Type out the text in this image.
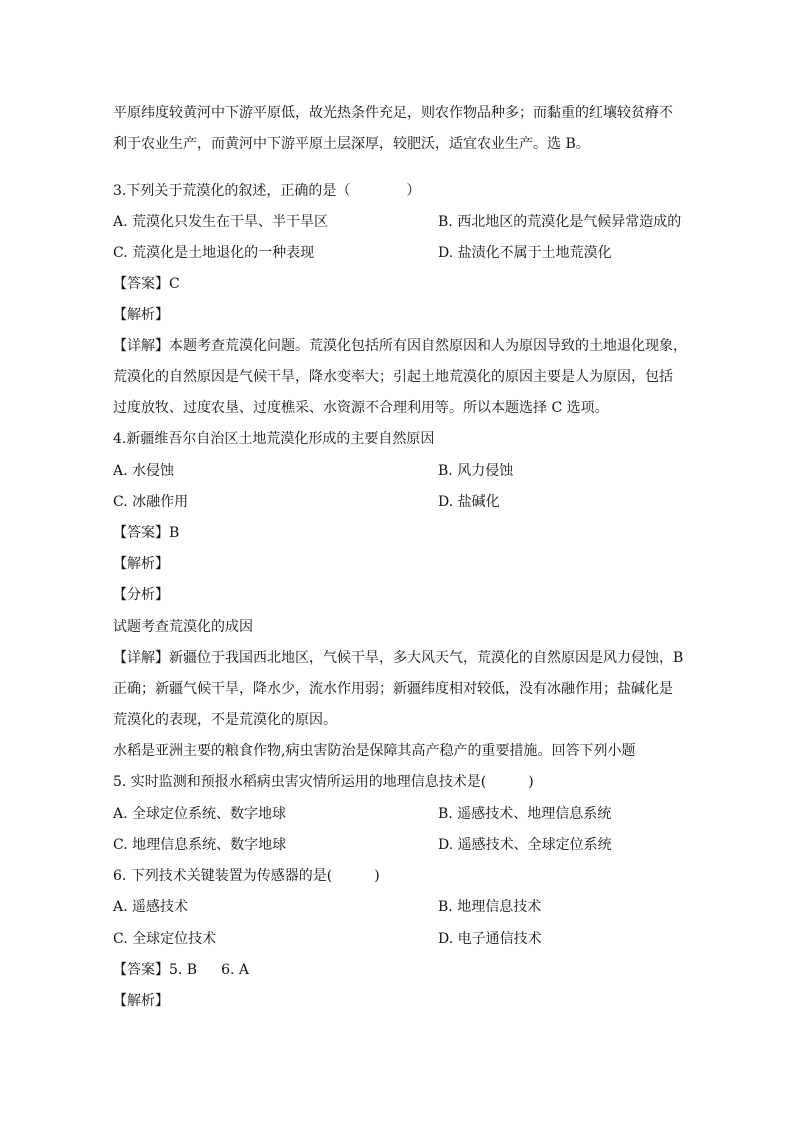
平原纬度较黄河中下游平原低，故光热条件充足，则农作物品种多；而黏重的红壤较贫瘠不
利于农业生产，而黄河中下游平原土层深厚，较肥沃，适宜农业生产。选 B。
3.下列关于荒漠化的叙述，正确的是（　　　　）
A. 荒漠化只发生在干旱、半干旱区	B. 西北地区的荒漠化是气候异常造成的
C. 荒漠化是土地退化的一种表现	D. 盐渍化不属于土地荒漠化
【答案】C
【解析】
【详解】本题考查荒漠化问题。荒漠化包括所有因自然原因和人为原因导致的土地退化现象，
荒漠化的自然原因是气候干旱，降水变率大；引起土地荒漠化的原因主要是人为原因，包括
过度放牧、过度农垦、过度樵采、水资源不合理利用等。所以本题选择 C 选项。
4.新疆维吾尔自治区土地荒漠化形成的主要自然原因
A. 水侵蚀	B. 风力侵蚀
C. 冰融作用	D. 盐碱化
【答案】B
【解析】
【分析】
试题考查荒漠化的成因
【详解】新疆位于我国西北地区，气候干旱，多大风天气，荒漠化的自然原因是风力侵蚀，B
正确；新疆气候干旱，降水少，流水作用弱；新疆纬度相对较低，没有冰融作用；盐碱化是
荒漠化的表现，不是荒漠化的原因。
水稻是亚洲主要的粮食作物,病虫害防治是保障其高产稳产的重要措施。回答下列小题
5. 实时监测和预报水稻病虫害灾情所运用的地理信息技术是(　　　)
A. 全球定位系统、数字地球	B. 遥感技术、地理信息系统
C. 地理信息系统、数字地球	D. 遥感技术、全球定位系统
6. 下列技术关键装置为传感器的是(　　　)
A. 遥感技术	B. 地理信息技术
C. 全球定位技术	D. 电子通信技术
【答案】5. B 6. A
【解析】
